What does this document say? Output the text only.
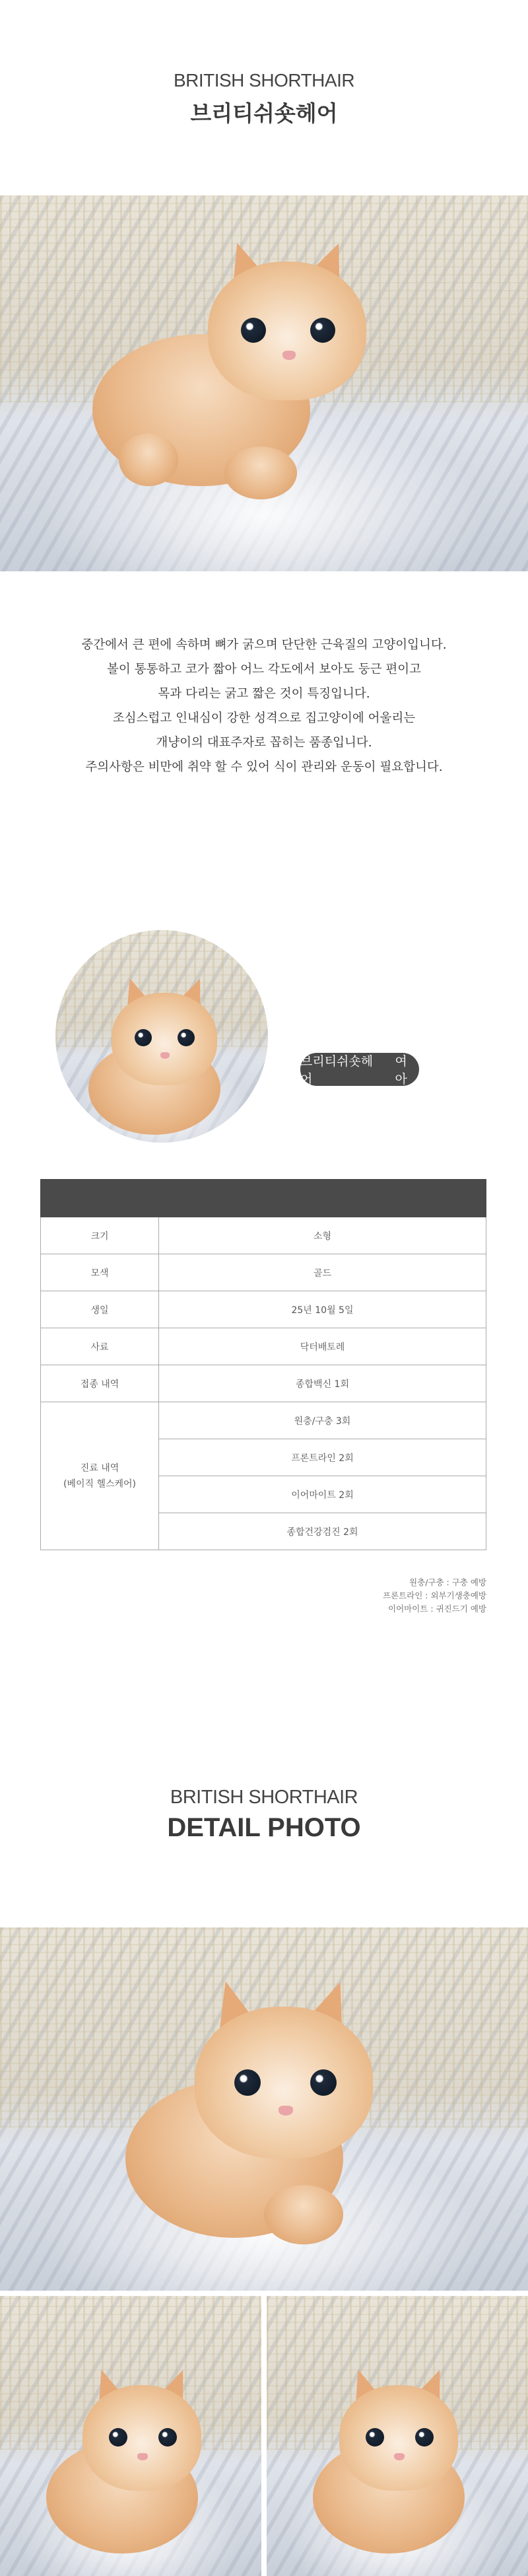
BRITISH SHORTHAIR
브리티쉬숏헤어
중간에서 큰 편에 속하며 뼈가 굵으며 단단한 근육질의 고양이입니다.
볼이 통통하고 코가 짧아 어느 각도에서 보아도 둥근 편이고
목과 다리는 굵고 짧은 것이 특징입니다.
조심스럽고 인내심이 강한 성격으로 집고양이에 어울리는
개냥이의 대표주자로 꼽히는 품종입니다.
주의사항은 비만에 취약 할 수 있어 식이 관리와 운동이 필요합니다.
브리티쉬숏헤어
여아

크기	소형
모색	골드
생일	25년 10월 5일
사료	닥터배토레
접종 내역	종합백신 1회

진료 내역
(베이직 헬스케어)	원충/구충 3회
	프론트라인 2회
	이어마이트 2회
	종합건강검진 2회
원충/구충 : 구충 예방
프론트라인 : 외부기생충예방
이어마이트 : 귀진드기 예방
BRITISH SHORTHAIR
DETAIL PHOTO
